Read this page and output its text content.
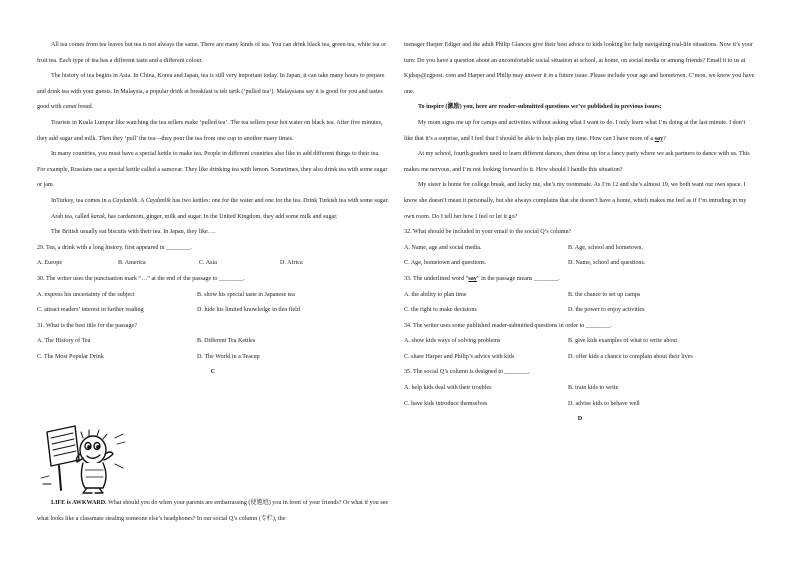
All tea comes from tea leaves but tea is not always the same. There are many kinds of tea. You can drink black tea, green tea, white tea or fruit tea. Each type of tea has a different taste and a different colour.

The history of tea begins in Asia. In China, Korea and Japan, tea is still very important today. In Japan, it can take many hours to prepare and drink tea with your guests. In Malaysia, a popular drink at breakfast is teh tarik (‘pulled tea’). Malaysians say it is good for you and tastes good with canai bread.

Tourists in Kuala Lumpur like watching the tea sellers make ‘pulled tea’. The tea sellers pour hot water on black tea. After five minutes, they add sugar and milk. Then they ‘pull’ the tea—they pour the tea from one cup to another many times.

In many countries, you must have a special kettle to make tea. People in different countries also like to add different things to their tea. For example, Russians use a special kettle called a samovar. They like drinking tea with lemon. Sometimes, they also drink tea with some sugar or jam.

InTurkey, tea comes in a Caydanlik. A Caydanlik has two kettles: one for the water and one for the tea. Drink Turkish tea with some sugar.

Arab tea, called karak, has cardamom, ginger, milk and sugar. In the United Kingdom, they add some milk and sugar.

The British usually eat biscuits with their tea. In Japan, they like….

29. Tea, a drink with a long history, first appeared in ________.

A. Europe	B. America	C. Asia	D. Africa

30. The writer uses the punctuation mark “…” at the end of the passage to ________.

A. express his uncertainty of the subject	B. show his special taste in Japanese tea
C. attract readers’ interest in further reading	D. hide his limited knowledge in this field

31. What is the best title for the passage?

A. The History of Tea	B. Different Tea Kettles
C. The Most Popular Drink	D. The World in a Teacup

C

LIFE is AWKWARD. What should you do when your parents are embarrassing (使尴尬) you in front of your friends? Or what if you see what looks like a classmate stealing someone else’s headphones? In our social Q’s column (专栏), the

teenager Harper Ediger and the adult Philip Glances give their best advice to kids looking for help navigating real-life situations. Now it’s your turn: Do you have a question about an uncomfortable social situation at school, at home, on social media or among friends? Email it to us at Kjdsqs@zgpost. com and Harper and Philip may answer it in a future issue. Please include your age and hometown. C’mon, we know you have one.

To inspire (激励) you, here are reader-submitted questions we’ve published in previous issues:

My mom signs me up for camps and activities without asking what I want to do. I only learn what I’m doing at the last minute. I don’t like that it’s a surprise, and I feel that I should be able to help plan my time. How can I have more of a say?

At my school, fourth graders need to learn different dances, then dress up for a fancy party where we ask partners to dance with us. This makes me nervous, and I’m not looking forward to it. How should I handle this situation?

My sister is home for college break, and lucky me, she’s my roommate. As I’m 12 and she’s almost 19, we both want our own space. I know she doesn’t mean it personally, but she always complains that she doesn’t have a home, which makes me feel as if I’m intruding in my own room. Do I tell her how I feel or let it go?

32. What should be included in your email to the social Q’s column?

A. Name, age and social media.	B. Age, school and hometown.
C. Age, hometown and questions.	D. Name, school and questions.

33. The underlined word “say” in the passage means ________.

A. the ability to plan time	B. the chance to set up camps
C. the right to make decisions	D. the power to enjoy activities

34. The writer uses some published reader-submitted questions in order to ________.

A. show kids ways of solving problems	B. give kids examples of what to write about
C. share Harper and Philip’s advice with kids	D. offer kids a chance to complain about their lives

35. The social Q’s column is designed to ________.

A. help kids deal with their troubles	B. train kids to write
C. have kids introduce themselves	D. advise kids to behave well

D
